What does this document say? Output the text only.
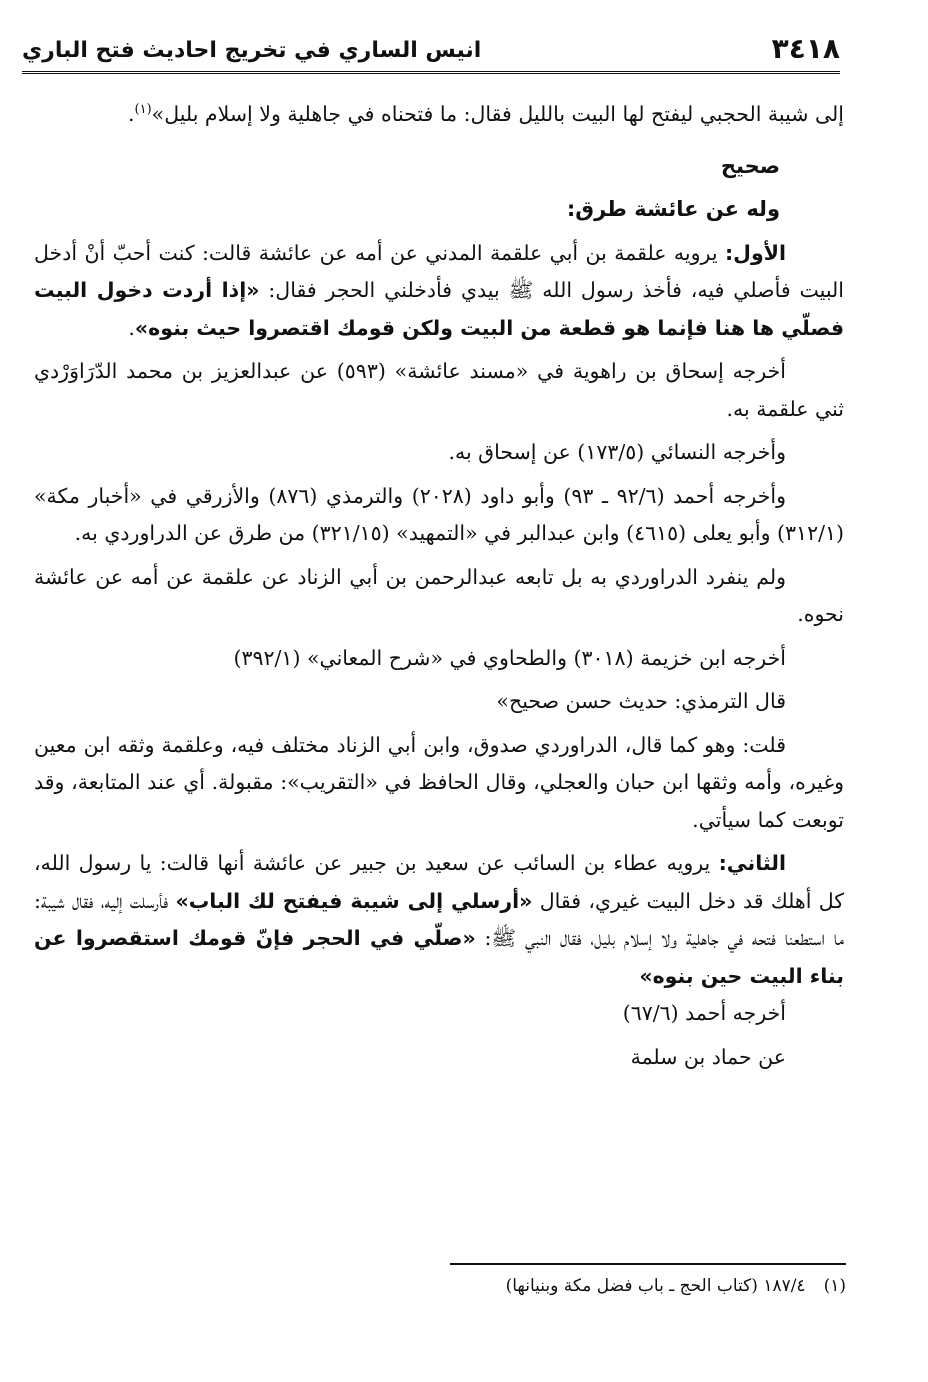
٣٤١٨
انيس الساري في تخريج احاديث فتح الباري

إلى شيبة الحجبي ليفتح لها البيت بالليل فقال: ما فتحناه في جاهلية ولا إسلام بليل»$^{(١)}$.

صحيح

وله عن عائشة طرق:

الأول: يرويه علقمة بن أبي علقمة المدني عن أمه عن عائشة قالت: كنت أحبّ أنْ أدخل البيت فأصلي فيه، فأخذ رسول الله ﷺ بيدي فأدخلني الحجر فقال: «إذا أردت دخول البيت فصلّي ها هنا فإنما هو قطعة من البيت ولكن قومك اقتصروا حيث بنوه».

أخرجه إسحاق بن راهوية في «مسند عائشة» (٥٩٣) عن عبدالعزيز بن محمد الدّرَاوَرْدي ثني علقمة به.

وأخرجه النسائي (١٧٣/٥) عن إسحاق به.

وأخرجه أحمد (٩٢/٦ ـ ٩٣) وأبو داود (٢٠٢٨) والترمذي (٨٧٦) والأزرقي في «أخبار مكة» (٣١٢/١) وأبو يعلى (٤٦١٥) وابن عبدالبر في «التمهيد» (٣٢١/١٥) من طرق عن الدراوردي به.

ولم ينفرد الدراوردي به بل تابعه عبدالرحمن بن أبي الزناد عن علقمة عن أمه عن عائشة نحوه.

أخرجه ابن خزيمة (٣٠١٨) والطحاوي في «شرح المعاني» (٣٩٢/١)

قال الترمذي: حديث حسن صحيح»

قلت: وهو كما قال، الدراوردي صدوق، وابن أبي الزناد مختلف فيه، وعلقمة وثقه ابن معين وغيره، وأمه وثقها ابن حبان والعجلي، وقال الحافظ في «التقريب»: مقبولة. أي عند المتابعة، وقد توبعت كما سيأتي.

الثاني: يرويه عطاء بن السائب عن سعيد بن جبير عن عائشة أنها قالت: يا رسول الله، كل أهلك قد دخل البيت غيري، فقال «أرسلي إلى شيبة فيفتح لك الباب» فأرسلت إليه، فقال شيبة: ما استطعنا فتحه في جاهلية ولا إسلام بليل، فقال النبي ﷺ: «صلّي في الحجر فإنّ قومك استقصروا عن بناء البيت حين بنوه»

أخرجه أحمد (٦٧/٦)

عن حماد بن سلمة

(١)١٨٧/٤ (كتاب الحج ـ باب فضل مكة وبنيانها)
